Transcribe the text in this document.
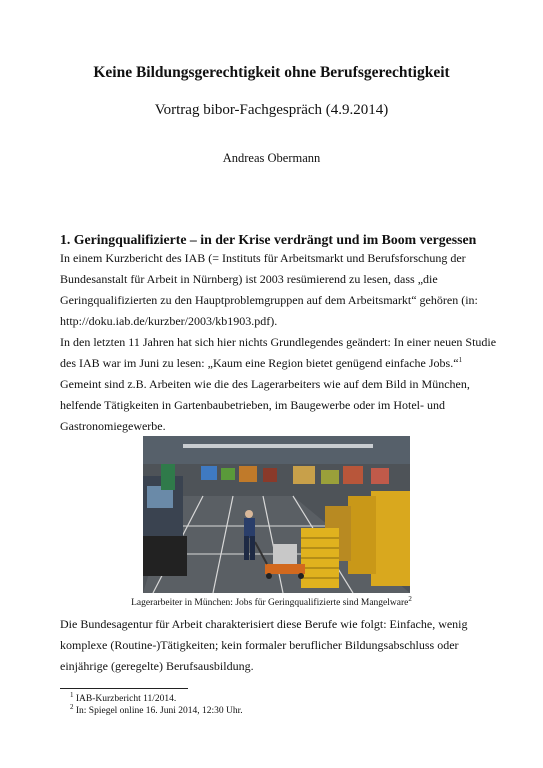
Keine Bildungsgerechtigkeit ohne Berufsgerechtigkeit
Vortrag bibor-Fachgespräch (4.9.2014)
Andreas Obermann
1. Geringqualifizierte – in der Krise verdrängt und im Boom vergessen
In einem Kurzbericht des IAB (= Instituts für Arbeitsmarkt und Berufsforschung der
Bundesanstalt für Arbeit in Nürnberg) ist 2003 resümierend zu lesen, dass „die
Geringqualifizierten zu den Hauptproblemgruppen auf dem Arbeitsmarkt“ gehören (in:
http://doku.iab.de/kurzber/2003/kb1903.pdf).
In den letzten 11 Jahren hat sich hier nichts Grundlegendes geändert: In einer neuen Studie
des IAB war im Juni zu lesen: „Kaum eine Region bietet genügend einfache Jobs.“$^1$
Gemeint sind z.B. Arbeiten wie die des Lagerarbeiters wie auf dem Bild in München,
helfende Tätigkeiten in Gartenbaubetrieben, im Baugewerbe oder im Hotel- und
Gastronomiegewerbe.
Lagerarbeiter in München: Jobs für Geringqualifizierte sind Mangelware$^2$
Die Bundesagentur für Arbeit charakterisiert diese Berufe wie folgt: Einfache, wenig
komplexe (Routine-)Tätigkeiten; kein formaler beruflicher Bildungsabschluss oder
einjährige (geregelte) Berufsausbildung.
$^1$ IAB-Kurzbericht 11/2014.
$^2$ In: Spiegel online 16. Juni 2014, 12:30 Uhr.
